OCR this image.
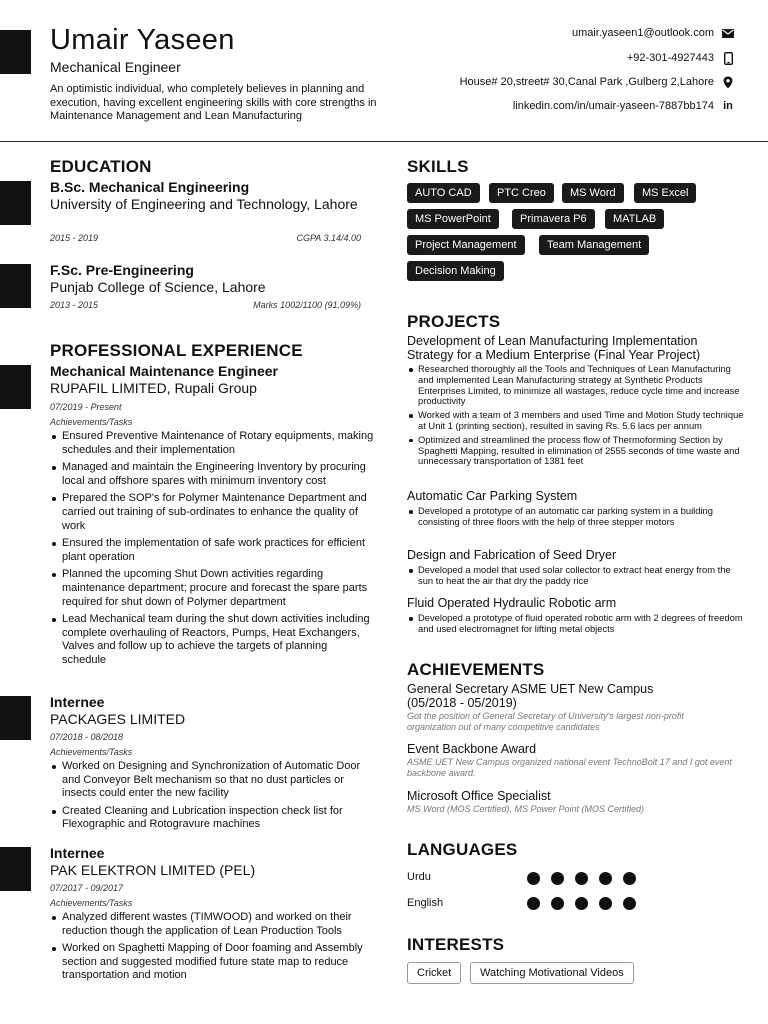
Umair Yaseen
Mechanical Engineer
An optimistic individual, who completely believes in planning and execution, having excellent engineering skills with core strengths in Maintenance Management and Lean Manufacturing
umair.yaseen1@outlook.com
+92-301-4927443
House# 20,street# 30,Canal Park ,Gulberg 2,Lahore
linkedin.com/in/umair-yaseen-7887bb174 in
EDUCATION
B.Sc. Mechanical Engineering
University of Engineering and Technology, Lahore
2015 - 2019	CGPA 3.14/4.00
F.Sc. Pre-Engineering
Punjab College of Science, Lahore
2013 - 2015	Marks 1002/1100 (91.09%)
PROFESSIONAL EXPERIENCE
Mechanical Maintenance Engineer
RUPAFIL LIMITED, Rupali Group
07/2019 - Present
Achievements/Tasks
Ensured Preventive Maintenance of Rotary equipments, making schedules and their implementation
Managed and maintain the Engineering Inventory by procuring local and offshore spares with minimum inventory cost
Prepared the SOP's for Polymer Maintenance Department and carried out training of sub-ordinates to enhance the quality of work
Ensured the implementation of safe work practices for efficient plant operation
Planned the upcoming Shut Down activities regarding maintenance department; procure and forecast the spare parts required for shut down of Polymer department
Lead Mechanical team during the shut down activities including complete overhauling of Reactors, Pumps, Heat Exchangers, Valves and follow up to achieve the targets of planning schedule
Internee
PACKAGES LIMITED
07/2018 - 08/2018
Achievements/Tasks
Worked on Designing and Synchronization of Automatic Door and Conveyor Belt mechanism so that no dust particles or insects could enter the new facility
Created Cleaning and Lubrication inspection check list for Flexographic and Rotogravure machines
Internee
PAK ELEKTRON LIMITED (PEL)
07/2017 - 09/2017
Achievements/Tasks
Analyzed different wastes (TIMWOOD) and worked on their reduction though the application of Lean Production Tools
Worked on Spaghetti Mapping of Door foaming and Assembly section and suggested modified future state map to reduce transportation and motion
SKILLS
AUTO CAD	PTC Creo	MS Word	MS Excel
MS PowerPoint	Primavera P6	MATLAB
Project Management	Team Management
Decision Making
PROJECTS
Development of Lean Manufacturing Implementation Strategy for a Medium Enterprise (Final Year Project)
Researched thoroughly all the Tools and Techniques of Lean Manufacturing and implemented Lean Manufacturing strategy at Synthetic Products Enterprises Limited, to minimize all wastages, reduce cycle time and increase productivity
Worked with a team of 3 members and used Time and Motion Study technique at Unit 1 (printing section), resulted in saving Rs. 5.6 lacs per annum
Optimized and streamlined the process flow of Thermoforming Section by Spaghetti Mapping, resulted in elimination of 2555 seconds of time waste and unnecessary transportation of 1381 feet
Automatic Car Parking System
Developed a prototype of an automatic car parking system in a building consisting of three floors with the help of three stepper motors
Design and Fabrication of Seed Dryer
Developed a model that used solar collector to extract heat energy from the sun to heat the air that dry the paddy rice
Fluid Operated Hydraulic Robotic arm
Developed a prototype of fluid operated robotic arm with 2 degrees of freedom and used electromagnet for lifting metal objects
ACHIEVEMENTS
General Secretary ASME UET New Campus (05/2018 - 05/2019)
Got the position of General Secretary of University's largest non-profit organization out of many competitive candidates
Event Backbone Award
ASME UET New Campus organized national event TechnoBolt 17 and I got event backbone award.
Microsoft Office Specialist
MS Word (MOS Certified), MS Power Point (MOS Certified)
LANGUAGES
Urdu
English
INTERESTS
Cricket	Watching Motivational Videos
